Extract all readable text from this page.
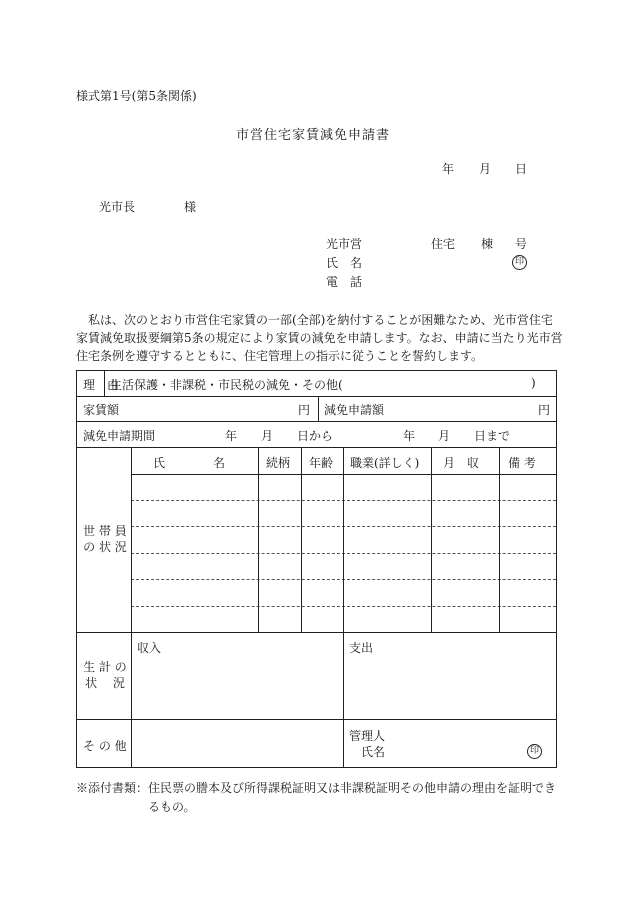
様式第1号(第5条関係)
市営住宅家賃減免申請書
年 月 日
光市長	様
光市営	住宅 棟 号
氏　名	印
電　話
私は、次のとおり市営住宅家賃の一部(全部)を納付することが困難なため、光市営住宅
家賃減免取扱要綱第5条の規定により家賃の減免を申請します。なお、申請に当たり光市営
住宅条例を遵守するとともに、住宅管理上の指示に従うことを誓約します。
理　由
生活保護・非課税・市民税の減免・その他(	)
家賃額	円 減免申請額	円
減免申請期間	年 月 日から	年 月 日まで
氏　　　　名	続柄 年齢 職業(詳しく) 月　収 備 考
世 帯 員
の 状 況
生 計 の
状　 況
収入	支出
そ の 他
管理人
氏名	印
※添付書類：住民票の謄本及び所得課税証明又は非課税証明その他申請の理由を証明でき
るもの。
